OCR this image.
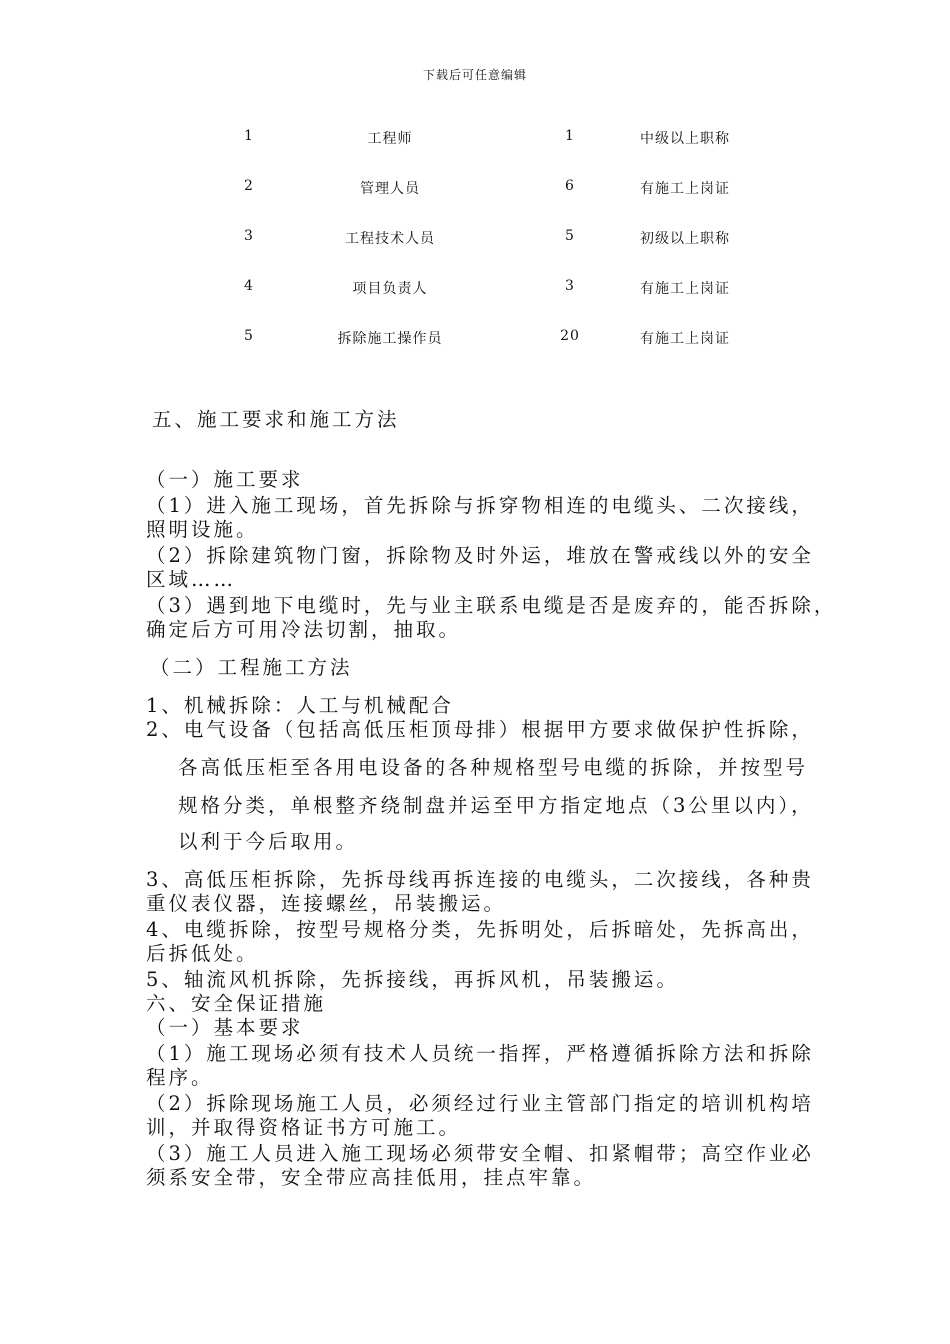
下载后可任意编辑
1	工程师	1	中级以上职称
2	管理人员	6	有施工上岗证
3	工程技术人员	5	初级以上职称
4	项目负责人	3	有施工上岗证
5	拆除施工操作员	20	有施工上岗证
五、施工要求和施工方法
（一）施工要求
（1）进入施工现场，首先拆除与拆穿物相连的电缆头、二次接线，
照明设施。
（2）拆除建筑物门窗，拆除物及时外运，堆放在警戒线以外的安全
区域……
（3）遇到地下电缆时，先与业主联系电缆是否是废弃的，能否拆除，
确定后方可用冷法切割，抽取。
（二）工程施工方法
1、机械拆除：人工与机械配合
2、电气设备（包括高低压柜顶母排）根据甲方要求做保护性拆除，
各高低压柜至各用电设备的各种规格型号电缆的拆除，并按型号
规格分类，单根整齐绕制盘并运至甲方指定地点（3公里以内），
以利于今后取用。
3、高低压柜拆除，先拆母线再拆连接的电缆头，二次接线，各种贵
重仪表仪器，连接螺丝，吊装搬运。
4、电缆拆除，按型号规格分类，先拆明处，后拆暗处，先拆高出，
后拆低处。
5、轴流风机拆除，先拆接线，再拆风机，吊装搬运。
六、安全保证措施
（一）基本要求
（1）施工现场必须有技术人员统一指挥，严格遵循拆除方法和拆除
程序。
（2）拆除现场施工人员，必须经过行业主管部门指定的培训机构培
训，并取得资格证书方可施工。
（3）施工人员进入施工现场必须带安全帽、扣紧帽带；高空作业必
须系安全带，安全带应高挂低用，挂点牢靠。
